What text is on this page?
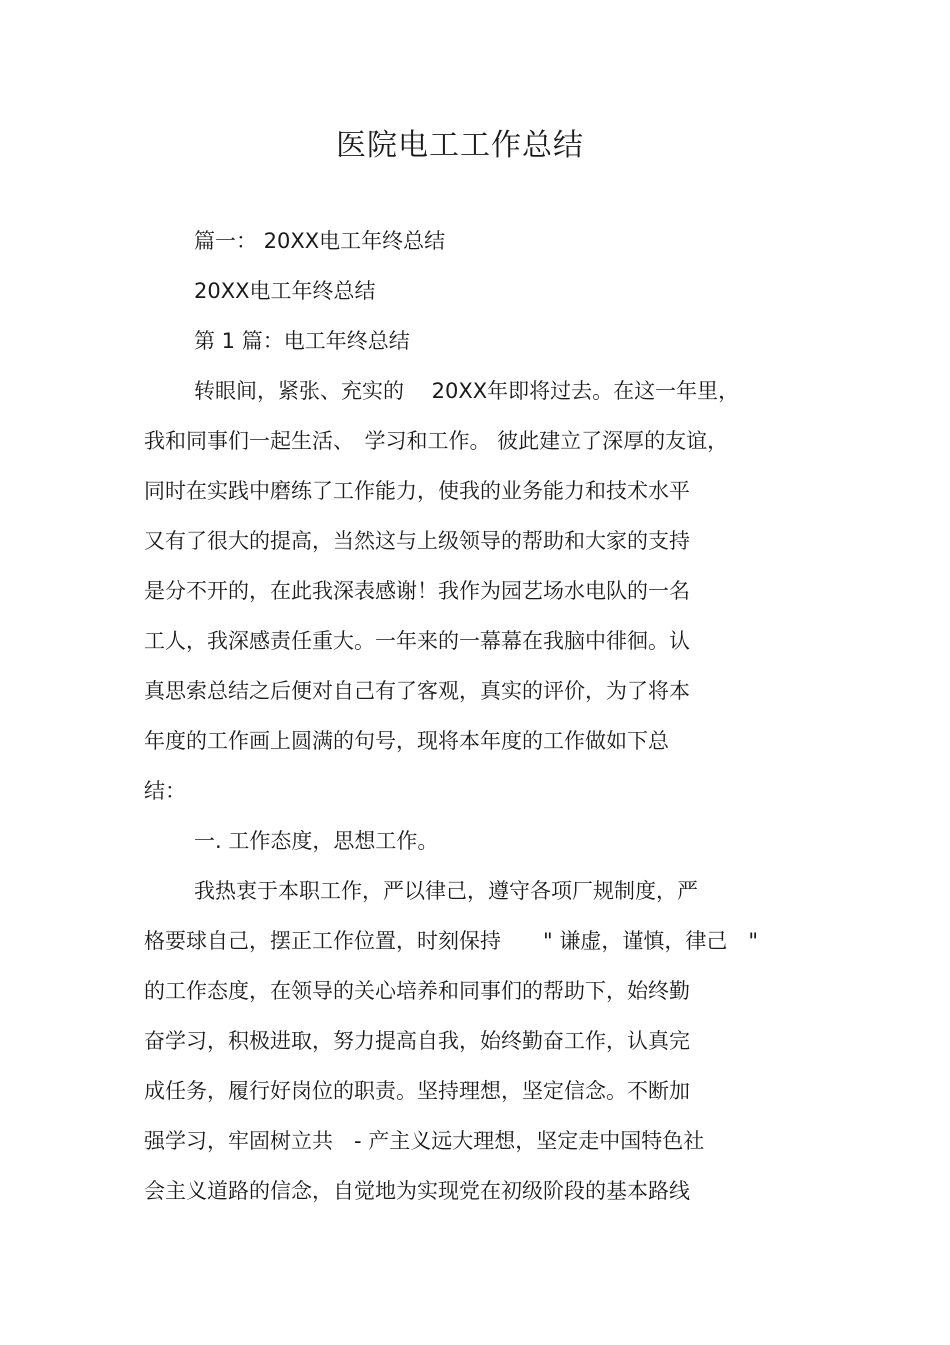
医院电工工作总结
篇一： 20XX电工年终总结
20XX电工年终总结
第 1 篇：电工年终总结
转眼间，紧张、充实的　 20XX年即将过去。在这一年里，
我和同事们一起生活、　学习和工作。 彼此建立了深厚的友谊，
同时在实践中磨练了工作能力，使我的业务能力和技术水平
又有了很大的提高，当然这与上级领导的帮助和大家的支持
是分不开的，在此我深表感谢！我作为园艺场水电队的一名
工人，我深感责任重大。一年来的一幕幕在我脑中徘徊。认
真思索总结之后便对自己有了客观，真实的评价，为了将本
年度的工作画上圆满的句号，现将本年度的工作做如下总
结：
一. 工作态度，思想工作。
我热衷于本职工作，严以律己，遵守各项厂规制度，严
格要球自己，摆正工作位置，时刻保持　　" 谦虚，谨慎，律己　"
的工作态度，在领导的关心培养和同事们的帮助下，始终勤
奋学习，积极进取，努力提高自我，始终勤奋工作，认真完
成任务，履行好岗位的职责。坚持理想，坚定信念。不断加
强学习，牢固树立共　- 产主义远大理想，坚定走中国特色社
会主义道路的信念，自觉地为实现党在初级阶段的基本路线
